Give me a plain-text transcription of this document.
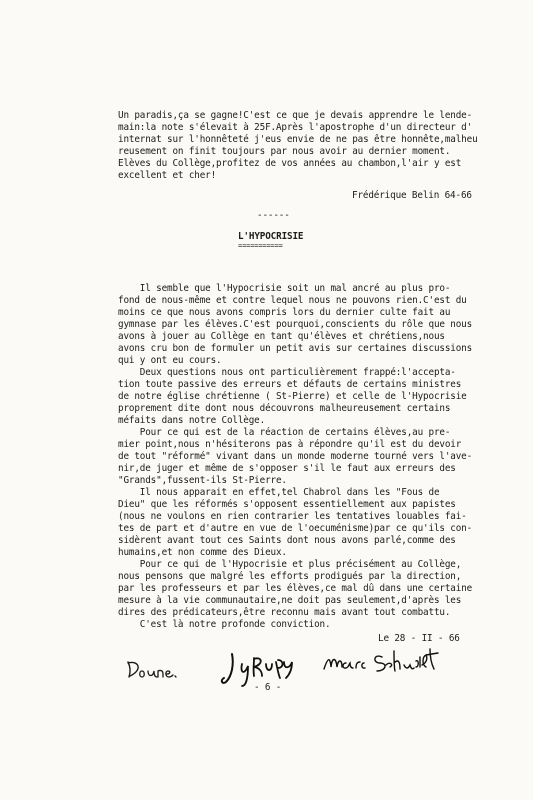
Un paradis,ça se gagne!C'est ce que je devais apprendre le lende-
main:la note s'élevait à 25F.Après l'apostrophe d'un directeur d'
internat sur l'honnêteté j'eus envie de ne pas être honnête,malheu
reusement on finit toujours par nous avoir au dernier moment.
Elèves du Collège,profitez de vos années au chambon,l'air y est
excellent et cher!
Frédérique Belin 64-66
------
L'HYPOCRISIE
===========
Il semble que l'Hypocrisie soit un mal ancré au plus pro-
fond de nous-même et contre lequel nous ne pouvons rien.C'est du
moins ce que nous avons compris lors du dernier culte fait au
gymnase par les élèves.C'est pourquoi,conscients du rôle que nous
avons à jouer au Collège en tant qu'élèves et chrétiens,nous
avons cru bon de formuler un petit avis sur certaines discussions
qui y ont eu cours.
Deux questions nous ont particulièrement frappé:l'accepta-
tion toute passive des erreurs et défauts de certains ministres
de notre église chrétienne ( St-Pierre) et celle de l'Hypocrisie
proprement dite dont nous découvrons malheureusement certains
méfaits dans notre Collège.
Pour ce qui est de la réaction de certains élèves,au pre-
mier point,nous n'hésiterons pas à répondre qu'il est du devoir
de tout "réformé" vivant dans un monde moderne tourné vers l'ave-
nir,de juger et même de s'opposer s'il le faut aux erreurs des
"Grands",fussent-ils St-Pierre.
Il nous apparait en effet,tel Chabrol dans les "Fous de
Dieu" que les réformés s'opposent essentiellement aux papistes
(nous ne voulons en rien contrarier les tentatives louables fai-
tes de part et d'autre en vue de l'oecuménisme)par ce qu'ils con-
sidèrent avant tout ces Saints dont nous avons parlé,comme des
humains,et non comme des Dieux.
Pour ce qui de l'Hypocrisie et plus précisément au Collège,
nous pensons que malgré les efforts prodigués par la direction,
par les professeurs et par les élèves,ce mal dû dans une certaine
mesure à la vie communautaire,ne doit pas seulement,d'après les
dires des prédicateurs,être reconnu mais avant tout combattu.
C'est là notre profonde conviction.
Le 28 - II - 66
- 6 -
